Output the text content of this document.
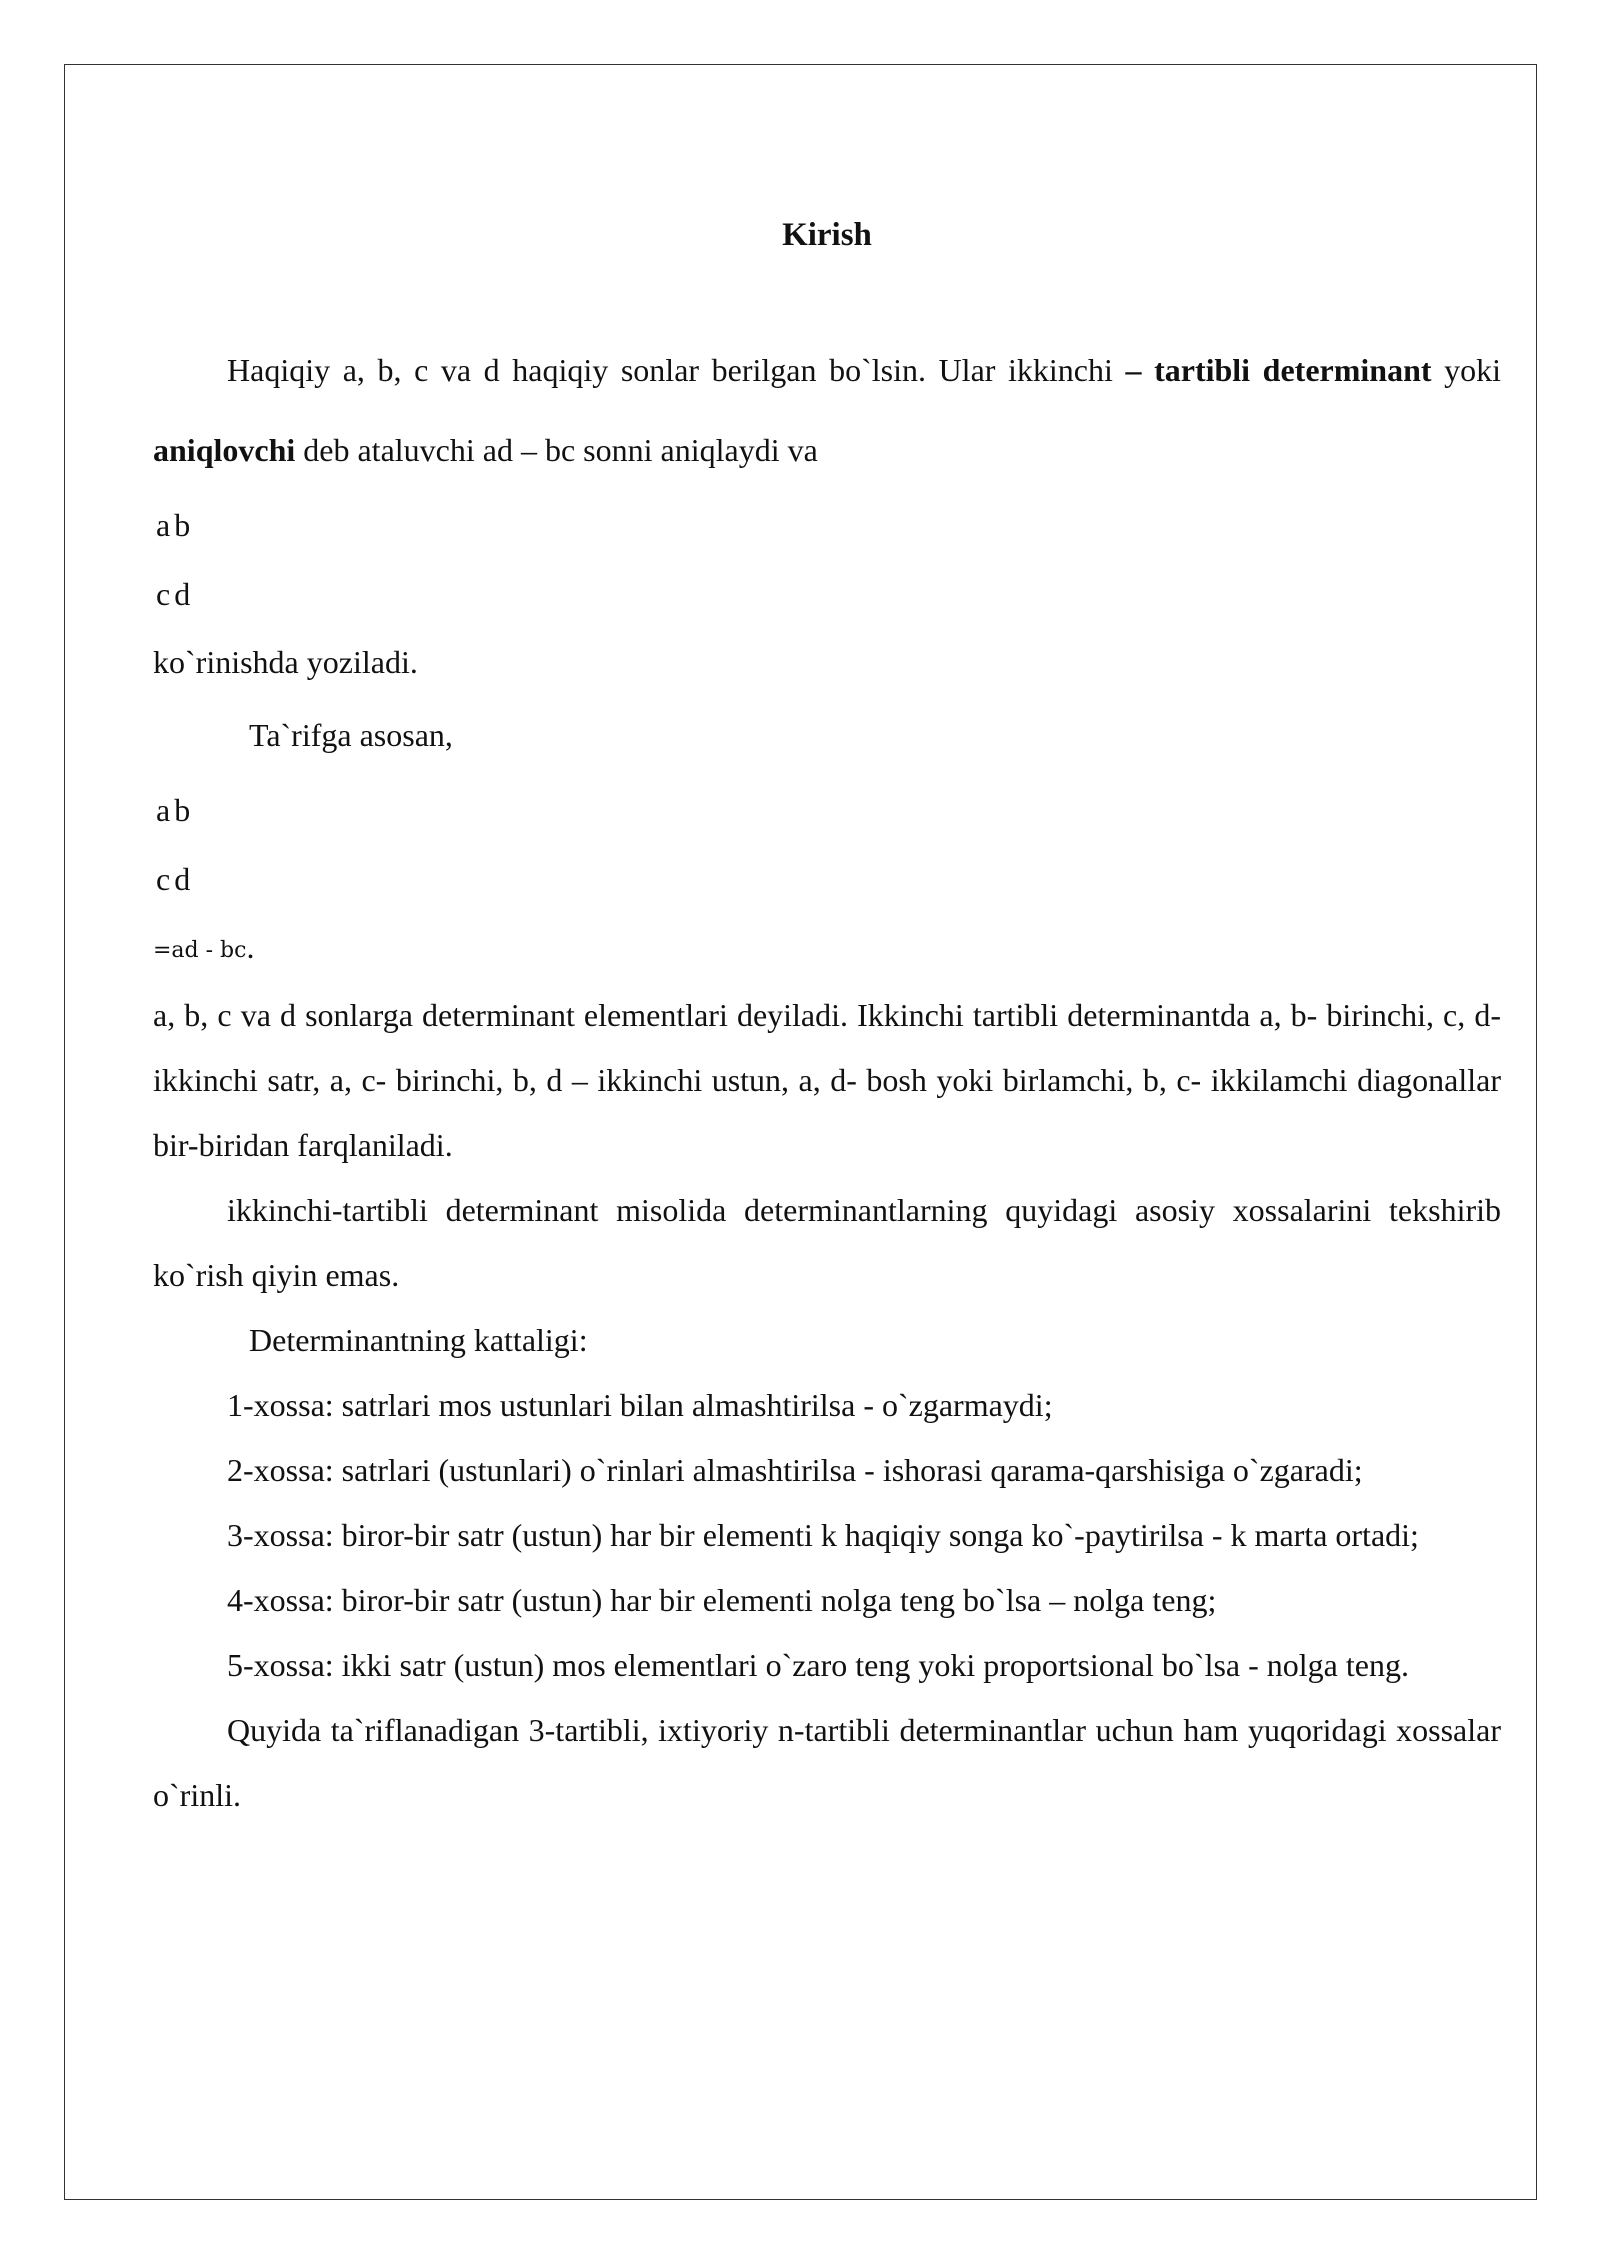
Kirish

Haqiqiy a, b, c va d haqiqiy sonlar berilgan bo`lsin. Ular ikkinchi – tartibli determinant yoki aniqlovchi deb ataluvchi ad – bc sonni aniqlaydi va

a	b
c	d
ko`rinishda yoziladi.

Ta`rifga asosan,

a	b
c	d
=ad - bc.

a, b, c va d sonlarga determinant elementlari deyiladi. Ikkinchi tartibli determinantda a, b- birinchi, c, d- ikkinchi satr, a, c- birinchi, b, d – ikkinchi ustun, a, d- bosh yoki birlamchi, b, c- ikkilamchi diagonallar bir-biridan farqlaniladi.

ikkinchi-tartibli determinant misolida determinantlarning quyidagi asosiy xossalarini tekshirib ko`rish qiyin emas.

Determinantning kattaligi:

1-xossa: satrlari mos ustunlari bilan almashtirilsa - o`zgarmaydi;

2-xossa: satrlari (ustunlari) o`rinlari almashtirilsa - ishorasi qarama-qarshisiga o`zgaradi;

3-xossa: biror-bir satr (ustun) har bir elementi k haqiqiy songa ko`-paytirilsa - k marta ortadi;

4-xossa: biror-bir satr (ustun) har bir elementi nolga teng bo`lsa – nolga teng;

5-xossa: ikki satr (ustun) mos elementlari o`zaro teng yoki proportsional bo`lsa - nolga teng.

Quyida ta`riflanadigan 3-tartibli, ixtiyoriy n-tartibli determinantlar uchun ham yuqoridagi xossalar o`rinli.
